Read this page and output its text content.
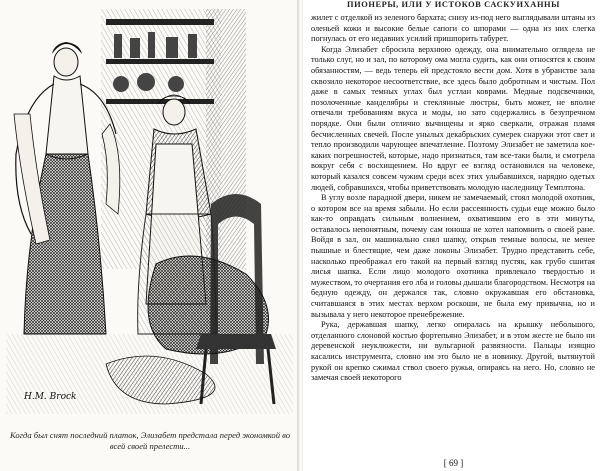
H.M. Brock
Когда был снят последний платок, Элизабет предстала перед экономкой во всей своей прелести...
ПИОНЕРЫ, ИЛИ У ИСТОКОВ САСКУИХАННЫ

жилет с отделкой из зеленого бархата; снизу из-под него выглядывали штаны из оленьей кожи и высокие белые сапоги со шпорами — одна из них слегка погнулась от его недавних усилий пришпорить табурет.

Когда Элизабет сбросила верхнюю одежду, она внимательно оглядела не только слуг, но и зал, по которому ома могла судить, как они относятся к своим обязанностям, — ведь теперь ей предстояло вести дом. Хотя в убранстве зала сквозило некоторое несоответствие, все здесь было добротным и чистым. Пол даже в самых темных углах был устлан коврами. Медные подсвечники, позолоченные канделябры и стеклянные люстры, быть может, не вполне отвечали требованиям вкуса и моды, но зато содержались в безупречном порядке. Они были отлично вычищены и ярко сверкали, отражая пламя бесчисленных свечей. После унылых декабрьских сумерек снаружи этот свет и тепло производили чарующее впечатление. Поэтому Элизабет не заметила кое-каких погрешностей, которые, надо признаться, там все-таки были, и смотрела вокруг себя с восхищением. Но вдруг ее взгляд остановился на человеке, который казался совсем чужим среди всех этих улыбавшихся, нарядно одетых людей, собравшихся, чтобы приветствовать молодую наследницу Темплтона.

В углу возле парадной двери, никем не замечаемый, стоял молодой охотник, о котором все на время забыли. Но если рассеянность судьи еще можно было как-то оправдать сильным волнением, охватившим его в эти минуты, оставалось непонятным, почему сам юноша не хотел напомнить о своей ране. Войдя в зал, он машинально снял шапку, открыв темные волосы, не менее пышные и блестящие, чем даже локоны Элизабет. Трудно представить себе, насколько преображал его такой на первый взгляд пустяк, как грубо сшитая лисья шапка. Если лицо молодого охотника привлекало твердостью и мужеством, то очертания его лба и головы дышали благородством. Несмотря на бедную одежду, он держался так, словно окружавшая его обстановка, считавшаяся в этих местах верхом роскоши, не была ему привычна, но и вызывала у него некоторое пренебрежение.

Рука, державшая шапку, легко опиралась на крышку небольшого, отделанного слоновой костью фортепьяно Элизабет, и в этом жесте не было ни деревенской неуклюжести, ни вульгарной развязности. Пальцы изящно касались инструмента, словно им это было не в новинку. Другой, вытянутой рукой он крепко сжимал ствол своего ружья, опираясь на него. Но, словно не замечая своей некоторого

[ 69 ]
